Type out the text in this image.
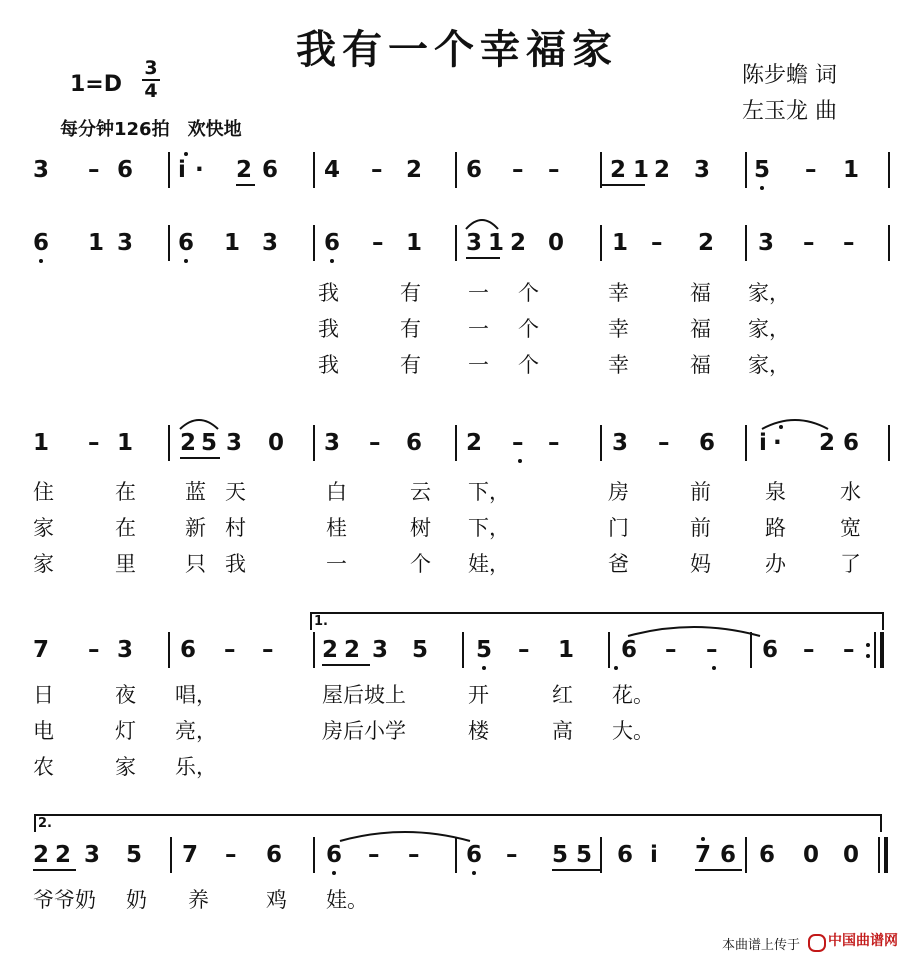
我有一个幸福家
1=D
3
4
每分钟126拍　欢快地
陈步蟾 词
左玉龙 曲
3 – 6 i · 2 6 4 – 2 6 – – 2 1 2 3 5 – 1
6 1 3 6 1 3 6 – 1 3 1 2 0 1 – 2 3 – –
1 – 1 2 5 3 0 3 – 6 2 – – 3 – 6 i · 2 6
7 – 3 6 – – 2 2 3 5 5 – 1 6 – – 6 – –
2 2 3 5 7 – 6 6 – – 6 – 5 5 6 i 7 6 6 0 0
1.
2.
我	有 一 个	幸	福 家，
我	有 一 个	幸	福 家，
我	有 一 个	幸	福 家，
住	在 蓝 天	白	云 下，	房	前	泉	水
家	在 新 村	桂	树 下，	门	前	路	宽
家	里 只 我	一	个 娃，	爸	妈	办	了
日	夜 唱，	屋后坡上	开	红 花。
电	灯 亮，	房后小学	楼	高 大。
农	家 乐，
爷爷奶 奶 养	鸡 娃。
本曲谱上传于 中国曲谱网
